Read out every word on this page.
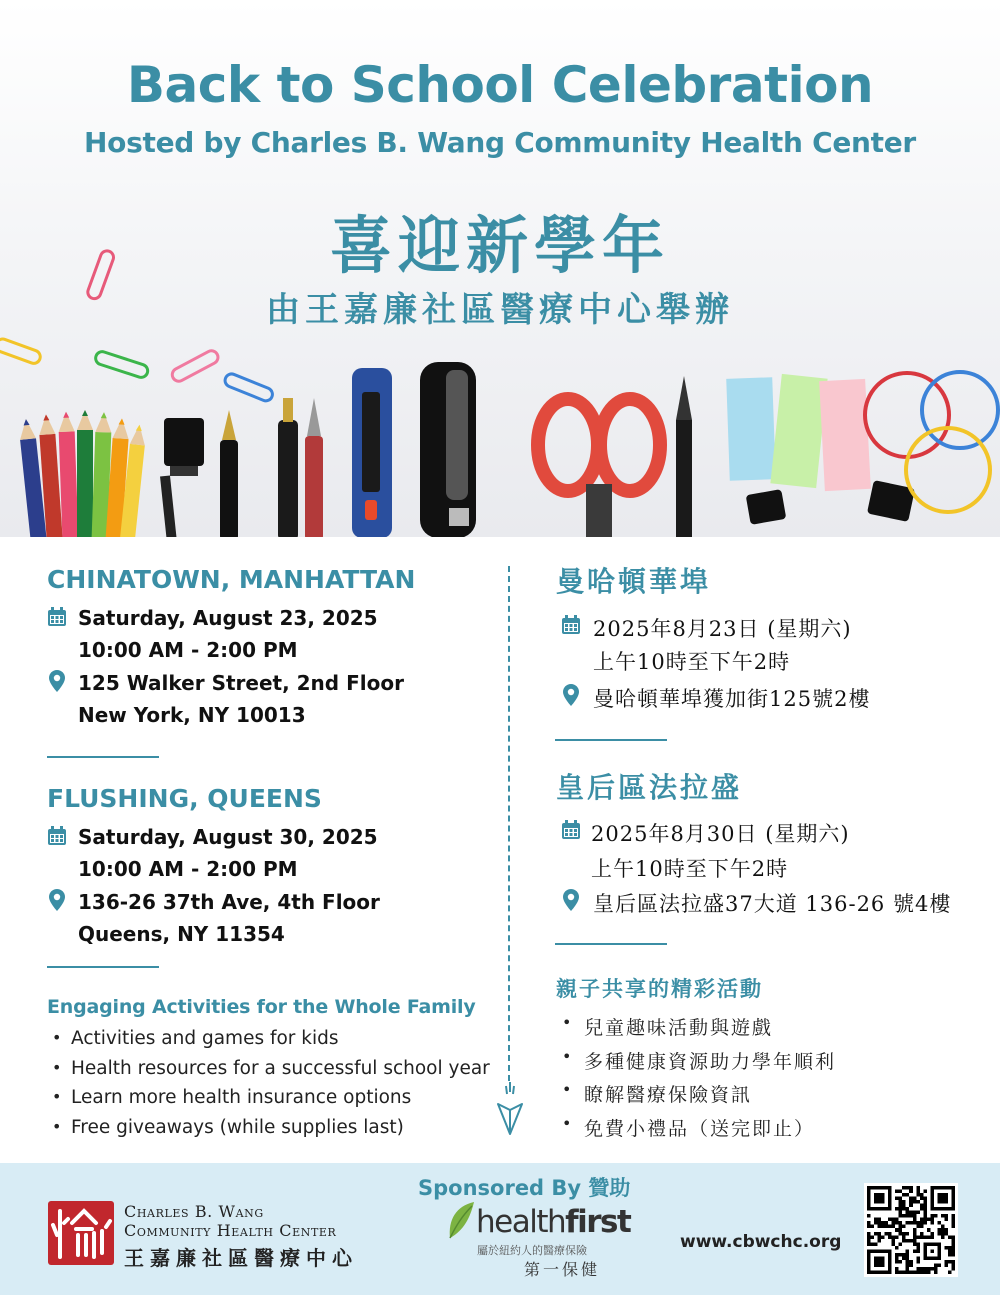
Back to School Celebration
Hosted by Charles B. Wang Community Health Center
喜迎新學年
由王嘉廉社區醫療中心舉辦
CHINATOWN, MANHATTAN
Saturday, August 23, 2025
10:00 AM - 2:00 PM
125 Walker Street, 2nd Floor
New York, NY 10013
FLUSHING, QUEENS
Saturday, August 30, 2025
10:00 AM - 2:00 PM
136-26 37th Ave, 4th Floor
Queens, NY 11354
Engaging Activities for the Whole Family
• Activities and games for kids
• Health resources for a successful school year
• Learn more health insurance options
• Free giveaways (while supplies last)
曼哈頓華埠
2025年8月23日 (星期六)
上午10時至下午2時
曼哈頓華埠獲加街125號2樓
皇后區法拉盛
2025年8月30日 (星期六)
上午10時至下午2時
皇后區法拉盛37大道 136-26 號4樓
親子共享的精彩活動
• 兒童趣味活動與遊戲
• 多種健康資源助力學年順利
• 瞭解醫療保險資訊
• 免費小禮品（送完即止）
Sponsored By 贊助
Charles B. Wang
Community Health Center
王嘉廉社區醫療中心
healthfirst
屬於紐約人的醫療保險
第一保健
www.cbwchc.org
